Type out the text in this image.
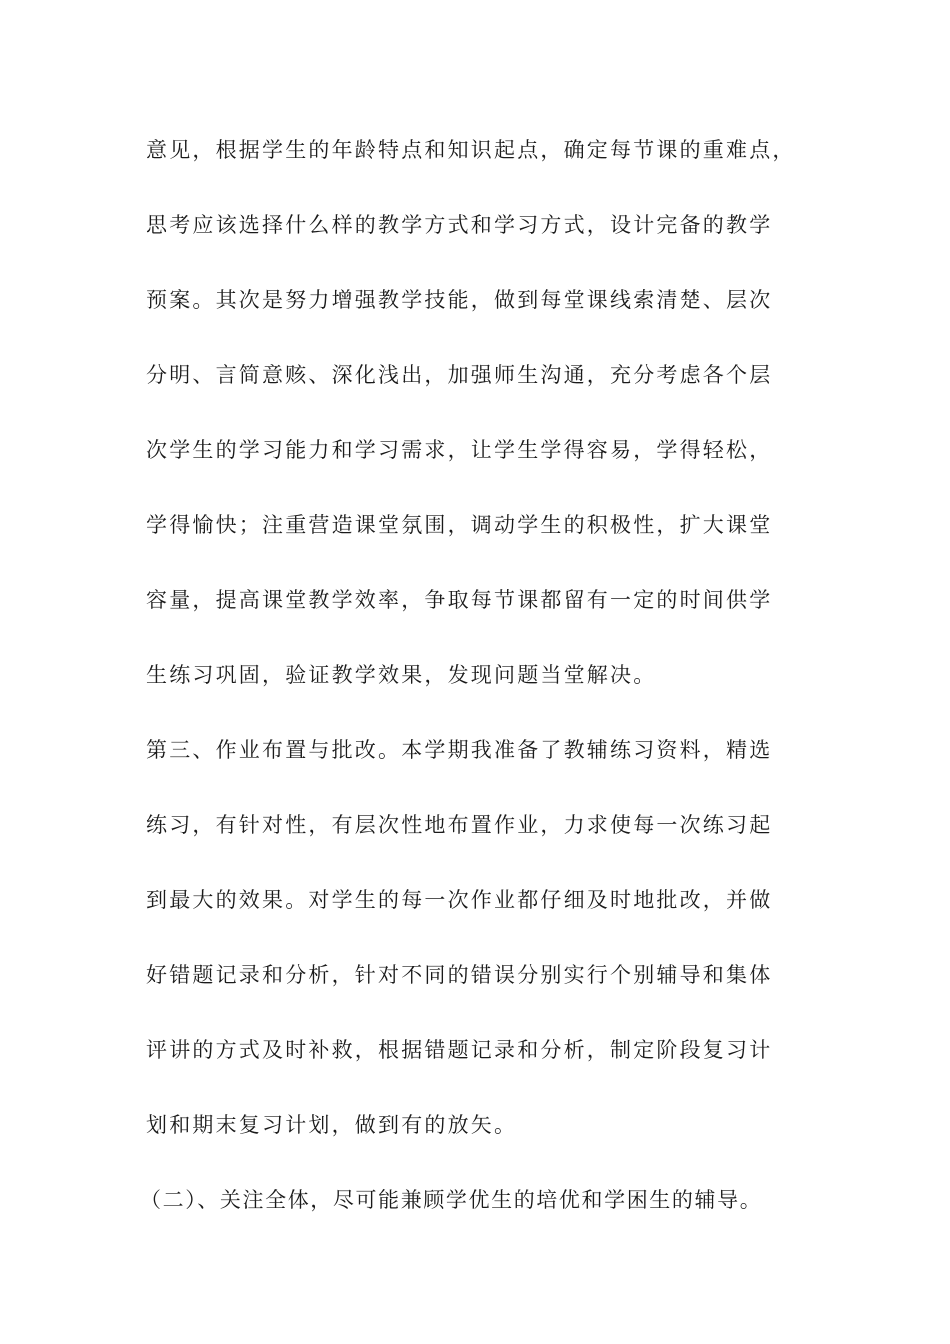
意见，根据学生的年龄特点和知识起点，确定每节课的重难点，
思考应该选择什么样的教学方式和学习方式，设计完备的教学
预案。其次是努力增强教学技能，做到每堂课线索清楚、层次
分明、言简意赅、深化浅出，加强师生沟通，充分考虑各个层
次学生的学习能力和学习需求，让学生学得容易，学得轻松，
学得愉快；注重营造课堂氛围，调动学生的积极性，扩大课堂
容量，提高课堂教学效率，争取每节课都留有一定的时间供学
生练习巩固，验证教学效果，发现问题当堂解决。
第三、作业布置与批改。本学期我准备了教辅练习资料，精选
练习，有针对性，有层次性地布置作业，力求使每一次练习起
到最大的效果。对学生的每一次作业都仔细及时地批改，并做
好错题记录和分析，针对不同的错误分别实行个别辅导和集体
评讲的方式及时补救，根据错题记录和分析，制定阶段复习计
划和期末复习计划，做到有的放矢。
（二）、关注全体，尽可能兼顾学优生的培优和学困生的辅导。
